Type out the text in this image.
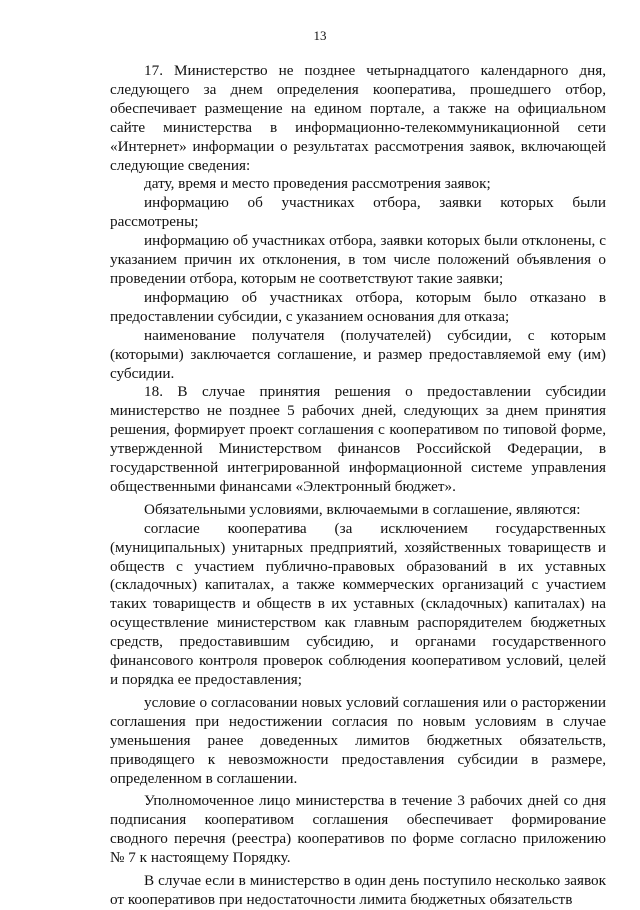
13

17. Министерство не позднее четырнадцатого календарного дня, следующего за днем определения кооператива, прошедшего отбор, обеспечивает размещение на едином портале, а также на официальном сайте министерства в информационно-телекоммуникационной сети «Интернет» информации о результатах рассмотрения заявок, включающей следующие сведения:

дату, время и место проведения рассмотрения заявок;

информацию об участниках отбора, заявки которых были рассмотрены;

информацию об участниках отбора, заявки которых были отклонены, с указанием причин их отклонения, в том числе положений объявления о проведении отбора, которым не соответствуют такие заявки;

информацию об участниках отбора, которым было отказано в предоставлении субсидии, с указанием основания для отказа;

наименование получателя (получателей) субсидии, с которым (которыми) заключается соглашение, и размер предоставляемой ему (им) субсидии.

18. В случае принятия решения о предоставлении субсидии министерство не позднее 5 рабочих дней, следующих за днем принятия решения, формирует проект соглашения с кооперативом по типовой форме, утвержденной Министерством финансов Российской Федерации, в государственной интегрированной информационной системе управления общественными финансами «Электронный бюджет».

Обязательными условиями, включаемыми в соглашение, являются:

согласие кооператива (за исключением государственных (муниципальных) унитарных предприятий, хозяйственных товариществ и обществ с участием публично-правовых образований в их уставных (складочных) капиталах, а также коммерческих организаций с участием таких товариществ и обществ в их уставных (складочных) капиталах) на осуществление министерством как главным распорядителем бюджетных средств, предоставившим субсидию, и органами государственного финансового контроля проверок соблюдения кооперативом условий, целей и порядка ее предоставления;

условие о согласовании новых условий соглашения или о расторжении соглашения при недостижении согласия по новым условиям в случае уменьшения ранее доведенных лимитов бюджетных обязательств, приводящего к невозможности предоставления субсидии в размере, определенном в соглашении.

Уполномоченное лицо министерства в течение 3 рабочих дней со дня подписания кооперативом соглашения обеспечивает формирование сводного перечня (реестра) кооперативов по форме согласно приложению № 7 к настоящему Порядку.

В случае если в министерство в один день поступило несколько заявок от кооперативов при недостаточности лимита бюджетных обязательств
